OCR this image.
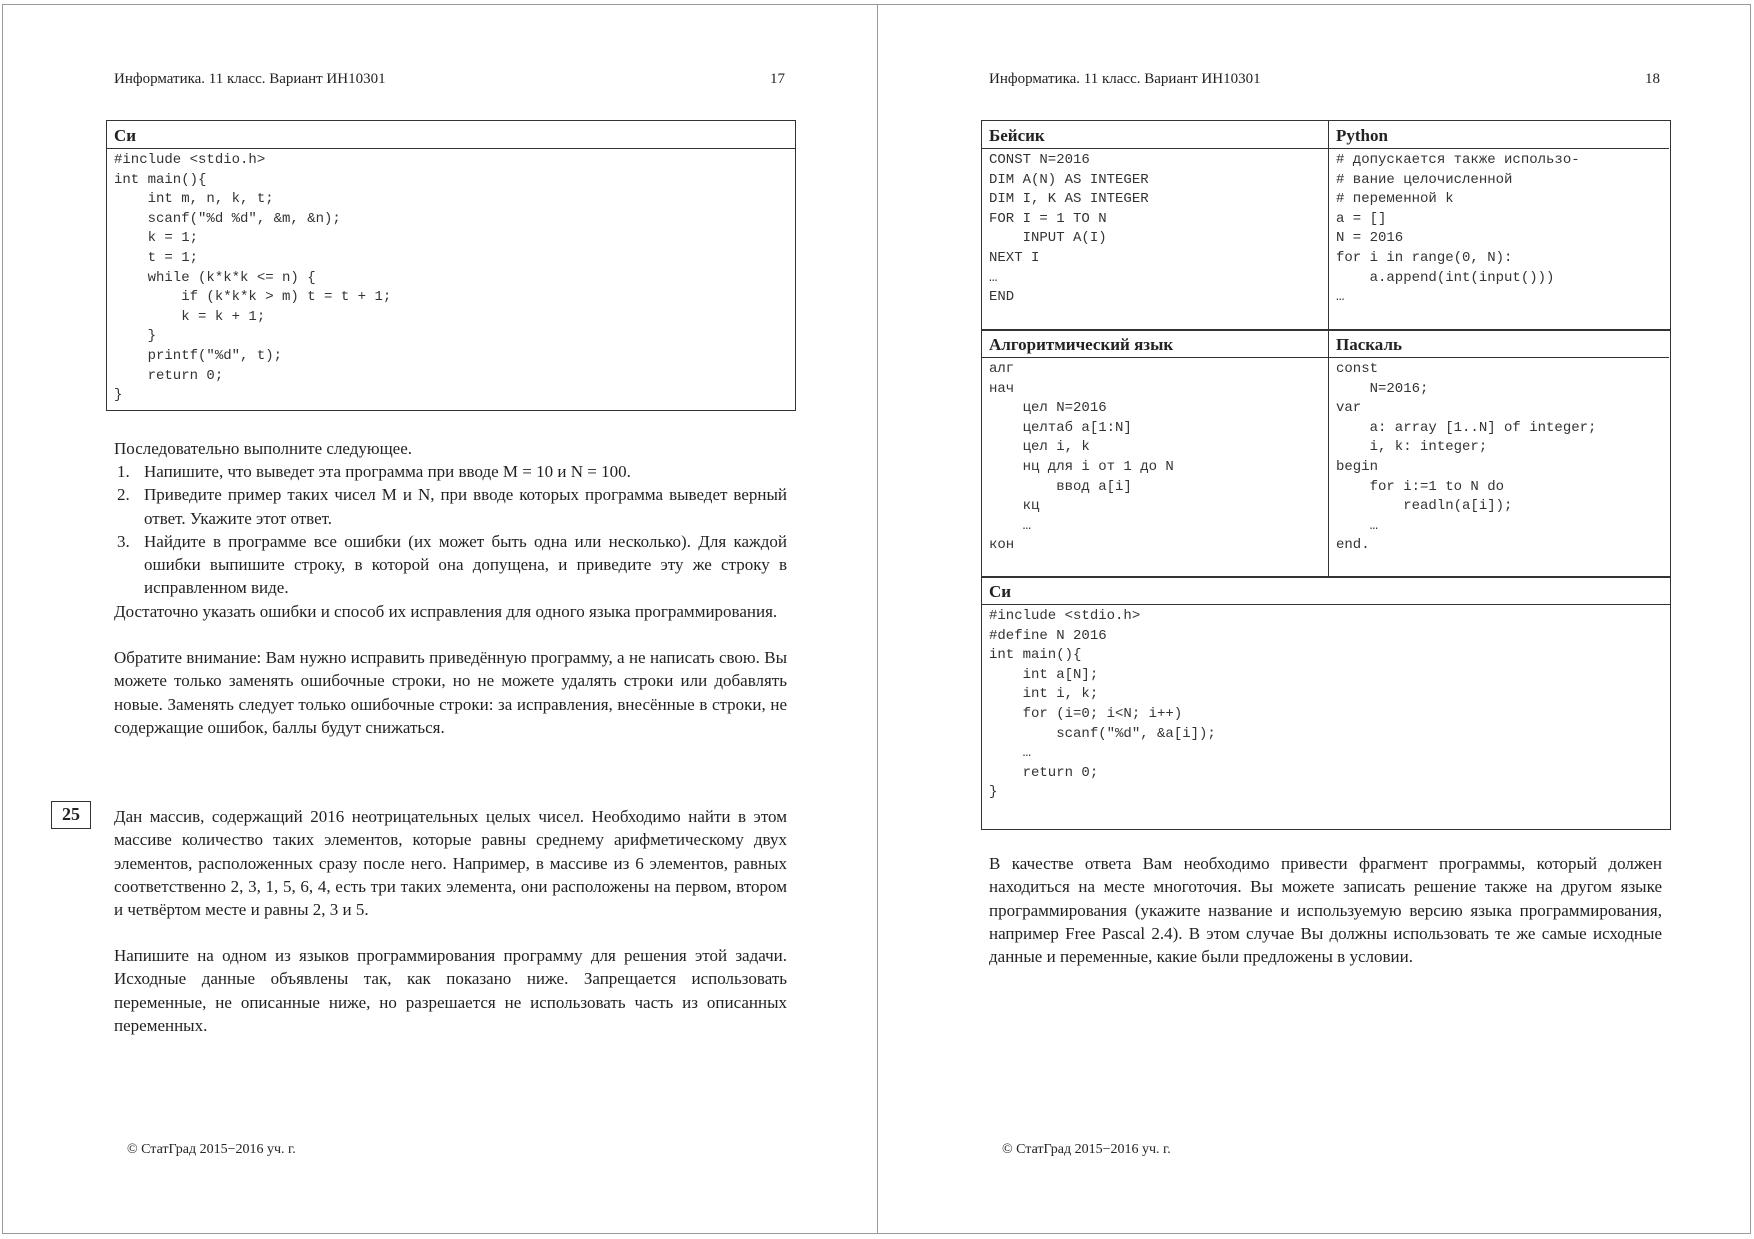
Информатика. 11 класс. Вариант ИН10301	17
Си
#include <stdio.h>
int main(){
int m, n, k, t;
scanf("%d %d", &m, &n);
k = 1;
t = 1;
while (k*k*k <= n) {
if (k*k*k > m) t = t + 1;
k = k + 1;
}
printf("%d", t);
return 0;
}

Последовательно выполните следующее.

1. Напишите, что выведет эта программа при вводе M = 10 и N = 100.
2. Приведите пример таких чисел M и N, при вводе которых программа выведет верный ответ. Укажите этот ответ.
3. Найдите в программе все ошибки (их может быть одна или несколько). Для каждой ошибки выпишите строку, в которой она допущена, и приведите эту же строку в исправленном виде.

Достаточно указать ошибки и способ их исправления для одного языка программирования.

Обратите внимание: Вам нужно исправить приведённую программу, а не написать свою. Вы можете только заменять ошибочные строки, но не можете удалять строки или добавлять новые. Заменять следует только ошибочные строки: за исправления, внесённые в строки, не содержащие ошибок, баллы будут снижаться.

25	Дан массив, содержащий 2016 неотрицательных целых чисел. Необходимо найти в этом массиве количество таких элементов, которые равны среднему арифметическому двух элементов, расположенных сразу после него. Например, в массиве из 6 элементов, равных соответственно 2, 3, 1, 5, 6, 4, есть три таких элемента, они расположены на первом, втором и четвёртом месте и равны 2, 3 и 5.

Напишите на одном из языков программирования программу для решения этой задачи. Исходные данные объявлены так, как показано ниже. Запрещается использовать переменные, не описанные ниже, но разрешается не использовать часть из описанных переменных.

© СтатГрад 2015−2016 уч. г.
Информатика. 11 класс. Вариант ИН10301	18
Бейсик
CONST N=2016
DIM A(N) AS INTEGER
DIM I, K AS INTEGER
FOR I = 1 TO N
INPUT A(I)
NEXT I
…
END
Python
# допускается также использо-
# вание целочисленной
# переменной k
a = []
N = 2016
for i in range(0, N):
a.append(int(input()))
…
Алгоритмический язык
алг
нач
цел N=2016
целтаб a[1:N]
цел i, k
нц для i от 1 до N
ввод a[i]
кц
…
кон
Паскаль
const
N=2016;
var
a: array [1..N] of integer;
i, k: integer;
begin
for i:=1 to N do
readln(a[i]);
…
end.
Си
#include <stdio.h>
#define N 2016
int main(){
int a[N];
int i, k;
for (i=0; i<N; i++)
scanf("%d", &a[i]);
…
return 0;
}

В качестве ответа Вам необходимо привести фрагмент программы, который должен находиться на месте многоточия. Вы можете записать решение также на другом языке программирования (укажите название и используемую версию языка программирования, например Free Pascal 2.4). В этом случае Вы должны использовать те же самые исходные данные и переменные, какие были предложены в условии.

© СтатГрад 2015−2016 уч. г.
